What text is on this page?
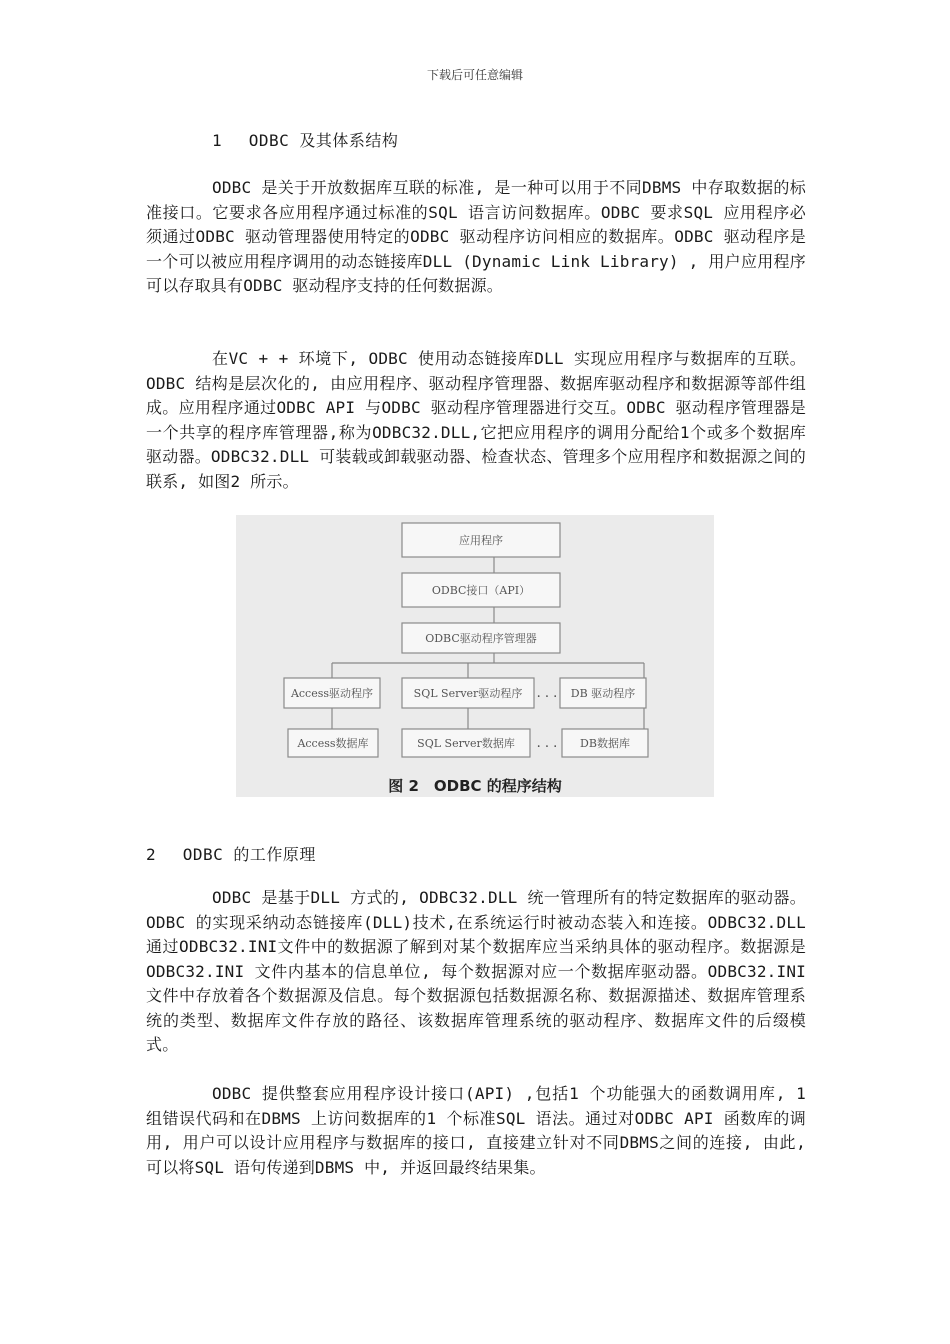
下载后可任意编辑
1　 ODBC 及其体系结构
ODBC 是关于开放数据库互联的标准, 是一种可以用于不同DBMS 中存取数据的标准接口。它要求各应用程序通过标准的SQL 语言访问数据库。ODBC 要求SQL 应用程序必须通过ODBC 驱动管理器使用特定的ODBC 驱动程序访问相应的数据库。ODBC 驱动程序是一个可以被应用程序调用的动态链接库DLL (Dynamic Link Library) , 用户应用程序可以存取具有ODBC 驱动程序支持的任何数据源。
在VC + + 环境下, ODBC 使用动态链接库DLL 实现应用程序与数据库的互联。ODBC 结构是层次化的, 由应用程序、驱动程序管理器、数据库驱动程序和数据源等部件组成。应用程序通过ODBC API 与ODBC 驱动程序管理器进行交互。ODBC 驱动程序管理器是一个共享的程序库管理器,称为ODBC32.DLL,它把应用程序的调用分配给1个或多个数据库驱动器。ODBC32.DLL 可装载或卸载驱动器、检查状态、管理多个应用程序和数据源之间的联系, 如图2 所示。
应用程序
ODBC接口（API）
ODBC驱动程序管理器
Access驱动程序	SQL Server驱动程序	DB 驱动程序
Access数据库	SQL Server数据库	DB数据库
. . .
. . .
图 2　ODBC 的程序结构
2　 ODBC 的工作原理
ODBC 是基于DLL 方式的, ODBC32.DLL 统一管理所有的特定数据库的驱动器。ODBC 的实现采纳动态链接库(DLL)技术,在系统运行时被动态装入和连接。ODBC32.DLL通过ODBC32.INI文件中的数据源了解到对某个数据库应当采纳具体的驱动程序。数据源是ODBC32.INI 文件内基本的信息单位, 每个数据源对应一个数据库驱动器。ODBC32.INI 文件中存放着各个数据源及信息。每个数据源包括数据源名称、数据源描述、数据库管理系统的类型、数据库文件存放的路径、该数据库管理系统的驱动程序、数据库文件的后缀模式。
ODBC 提供整套应用程序设计接口(API) ,包括1 个功能强大的函数调用库, 1 组错误代码和在DBMS 上访问数据库的1 个标准SQL 语法。通过对ODBC API 函数库的调用, 用户可以设计应用程序与数据库的接口, 直接建立针对不同DBMS之间的连接, 由此, 可以将SQL 语句传递到DBMS 中, 并返回最终结果集。
